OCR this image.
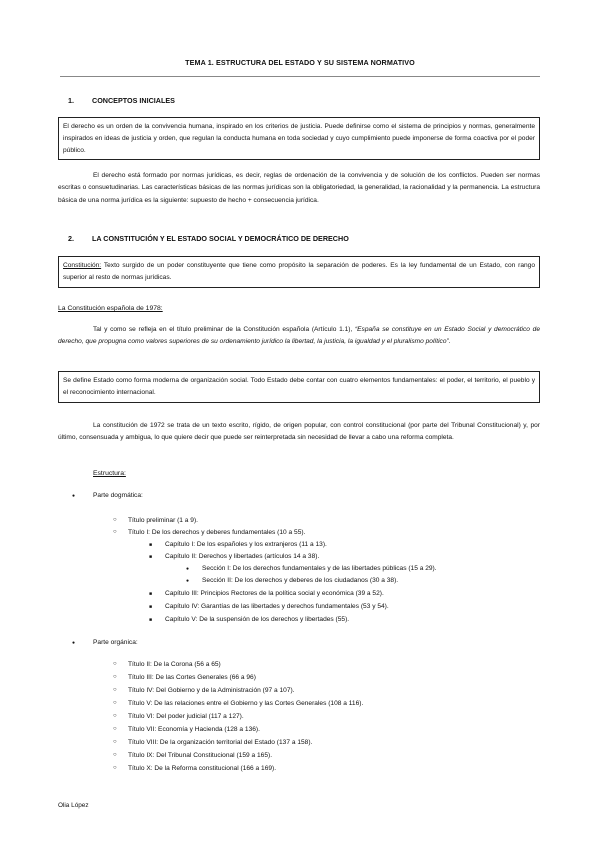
TEMA 1. ESTRUCTURA DEL ESTADO Y SU SISTEMA NORMATIVO
1.	CONCEPTOS INICIALES
El derecho es un orden de la convivencia humana, inspirado en los criterios de justicia. Puede definirse como el sistema de principios y normas, generalmente inspirados en ideas de justicia y orden, que regulan la conducta humana en toda sociedad y cuyo cumplimiento puede imponerse de forma coactiva por el poder público.
El derecho está formado por normas jurídicas, es decir, reglas de ordenación de la convivencia y de solución de los conflictos. Pueden ser normas escritas o consuetudinarias. Las características básicas de las normas jurídicas son la obligatoriedad, la generalidad, la racionalidad y la permanencia. La estructura básica de una norma jurídica es la siguiente: supuesto de hecho + consecuencia jurídica.
2.	LA CONSTITUCIÓN Y EL ESTADO SOCIAL Y DEMOCRÁTICO DE DERECHO
Constitución: Texto surgido de un poder constituyente que tiene como propósito la separación de poderes. Es la ley fundamental de un Estado, con rango superior al resto de normas jurídicas.
La Constitución española de 1978:
Tal y como se refleja en el título preliminar de la Constitución española (Artículo 1.1), “España se constituye en un Estado Social y democrático de derecho, que propugna como valores superiores de su ordenamiento jurídico la libertad, la justicia, la igualdad y el pluralismo político”.
Se define Estado como forma moderna de organización social. Todo Estado debe contar con cuatro elementos fundamentales: el poder, el territorio, el pueblo y el reconocimiento internacional.
La constitución de 1972 se trata de un texto escrito, rígido, de origen popular, con control constitucional (por parte del Tribunal Constitucional) y, por último, consensuada y ambigua, lo que quiere decir que puede ser reinterpretada sin necesidad de llevar a cabo una reforma completa.
Estructura:
● Parte dogmática:
○ Título preliminar (1 a 9).
○ Título I: De los derechos y deberes fundamentales (10 a 55).
■ Capítulo I: De los españoles y los extranjeros (11 a 13).
■ Capítulo II: Derechos y libertades (artículos 14 a 38).
● Sección I: De los derechos fundamentales y de las libertades públicas (15 a 29).
● Sección II: De los derechos y deberes de los ciudadanos (30 a 38).
■ Capítulo III: Principios Rectores de la política social y económica (39 a 52).
■ Capítulo IV: Garantías de las libertades y derechos fundamentales (53 y 54).
■ Capítulo V: De la suspensión de los derechos y libertades (55).
● Parte orgánica:
○ Título II: De la Corona (56 a 65)
○ Título III: De las Cortes Generales (66 a 96)
○ Título IV: Del Gobierno y de la Administración (97 a 107).
○ Título V: De las relaciones entre el Gobierno y las Cortes Generales (108 a 116).
○ Título VI: Del poder judicial (117 a 127).
○ Título VII: Economía y Hacienda (128 a 136).
○ Título VIII: De la organización territorial del Estado (137 a 158).
○ Título IX: Del Tribunal Constitucional (159 a 165).
○ Título X: De la Reforma constitucional (166 a 169).
Olia López
